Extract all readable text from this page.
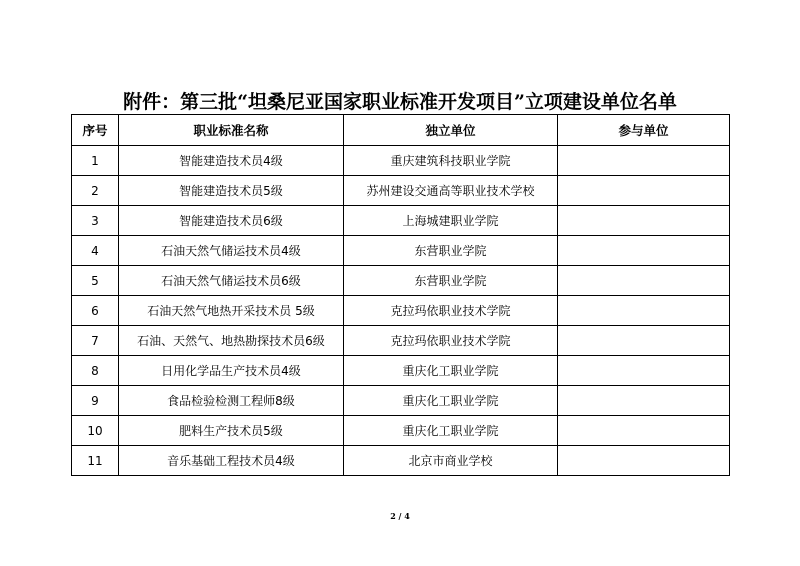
附件：第三批“坦桑尼亚国家职业标准开发项目”立项建设单位名单
序号	职业标准名称	独立单位	参与单位
1	智能建造技术员4级	重庆建筑科技职业学院	
2	智能建造技术员5级	苏州建设交通高等职业技术学校	
3	智能建造技术员6级	上海城建职业学院	
4	石油天然气储运技术员4级	东营职业学院	
5	石油天然气储运技术员6级	东营职业学院	
6	石油天然气地热开采技术员 5级	克拉玛依职业技术学院	
7	石油、天然气、地热勘探技术员6级	克拉玛依职业技术学院	
8	日用化学品生产技术员4级	重庆化工职业学院	
9	食品检验检测工程师8级	重庆化工职业学院	
10	肥料生产技术员5级	重庆化工职业学院	
11	音乐基础工程技术员4级	北京市商业学校	
2 / 4
